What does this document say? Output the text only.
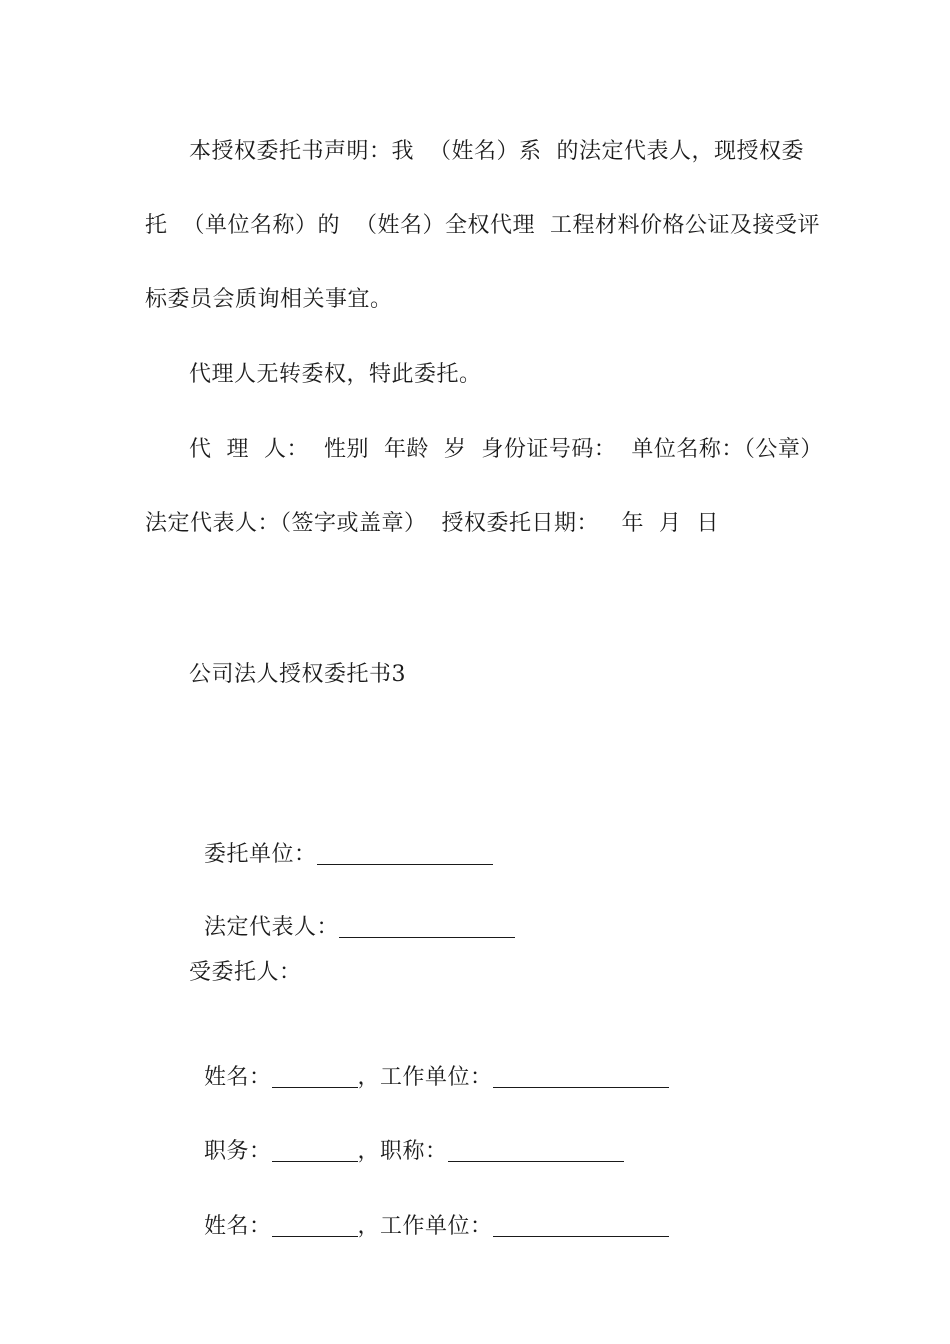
本授权委托书声明：我  （姓名）系  的法定代表人，现授权委
托  （单位名称）的  （姓名）全权代理  工程材料价格公证及接受评
标委员会质询相关事宜。
代理人无转委权，特此委托。
代  理  人：  性别  年龄  岁  身份证号码：  单位名称：（公章）
法定代表人：（签字或盖章）  授权委托日期：   年  月  日
公司法人授权委托书3

委托单位：

法定代表人：

受委托人：

姓名：	，工作单位：

职务：	，职称：

姓名：	，工作单位：
